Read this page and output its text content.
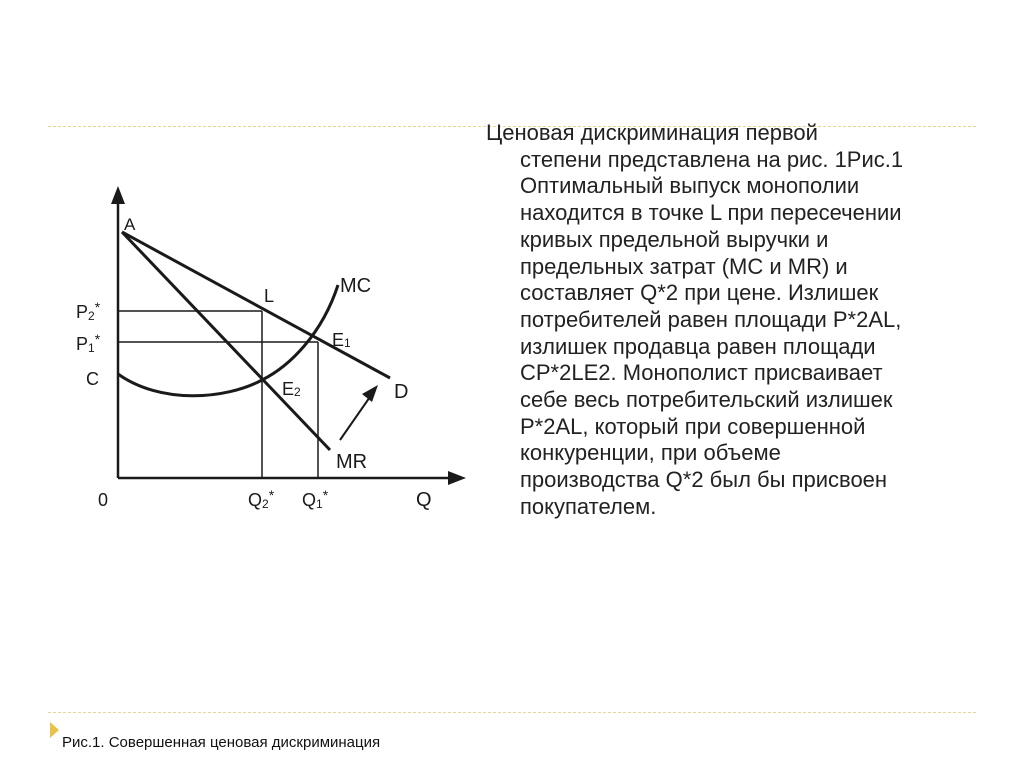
A
L	MC
E1
E2	D
MR
P2*
P1*
C
0	Q2* Q1*	Q

Ценовая дискриминация первой

степени представлена на рис. 1Рис.1

Оптимальный выпуск монополии

находится в точке L при пересечении

кривых предельной выручки и

предельных затрат (МС и MR) и

составляет Q*2 при цене. Излишек

потребителей равен площади P*2AL,

излишек продавца равен площади

CP*2LE2. Монополист присваивает

себе весь потребительский излишек

P*2AL, который при совершенной

конкуренции, при объеме

производства Q*2 был бы присвоен

покупателем.

Рис.1. Совершенная ценовая дискриминация
